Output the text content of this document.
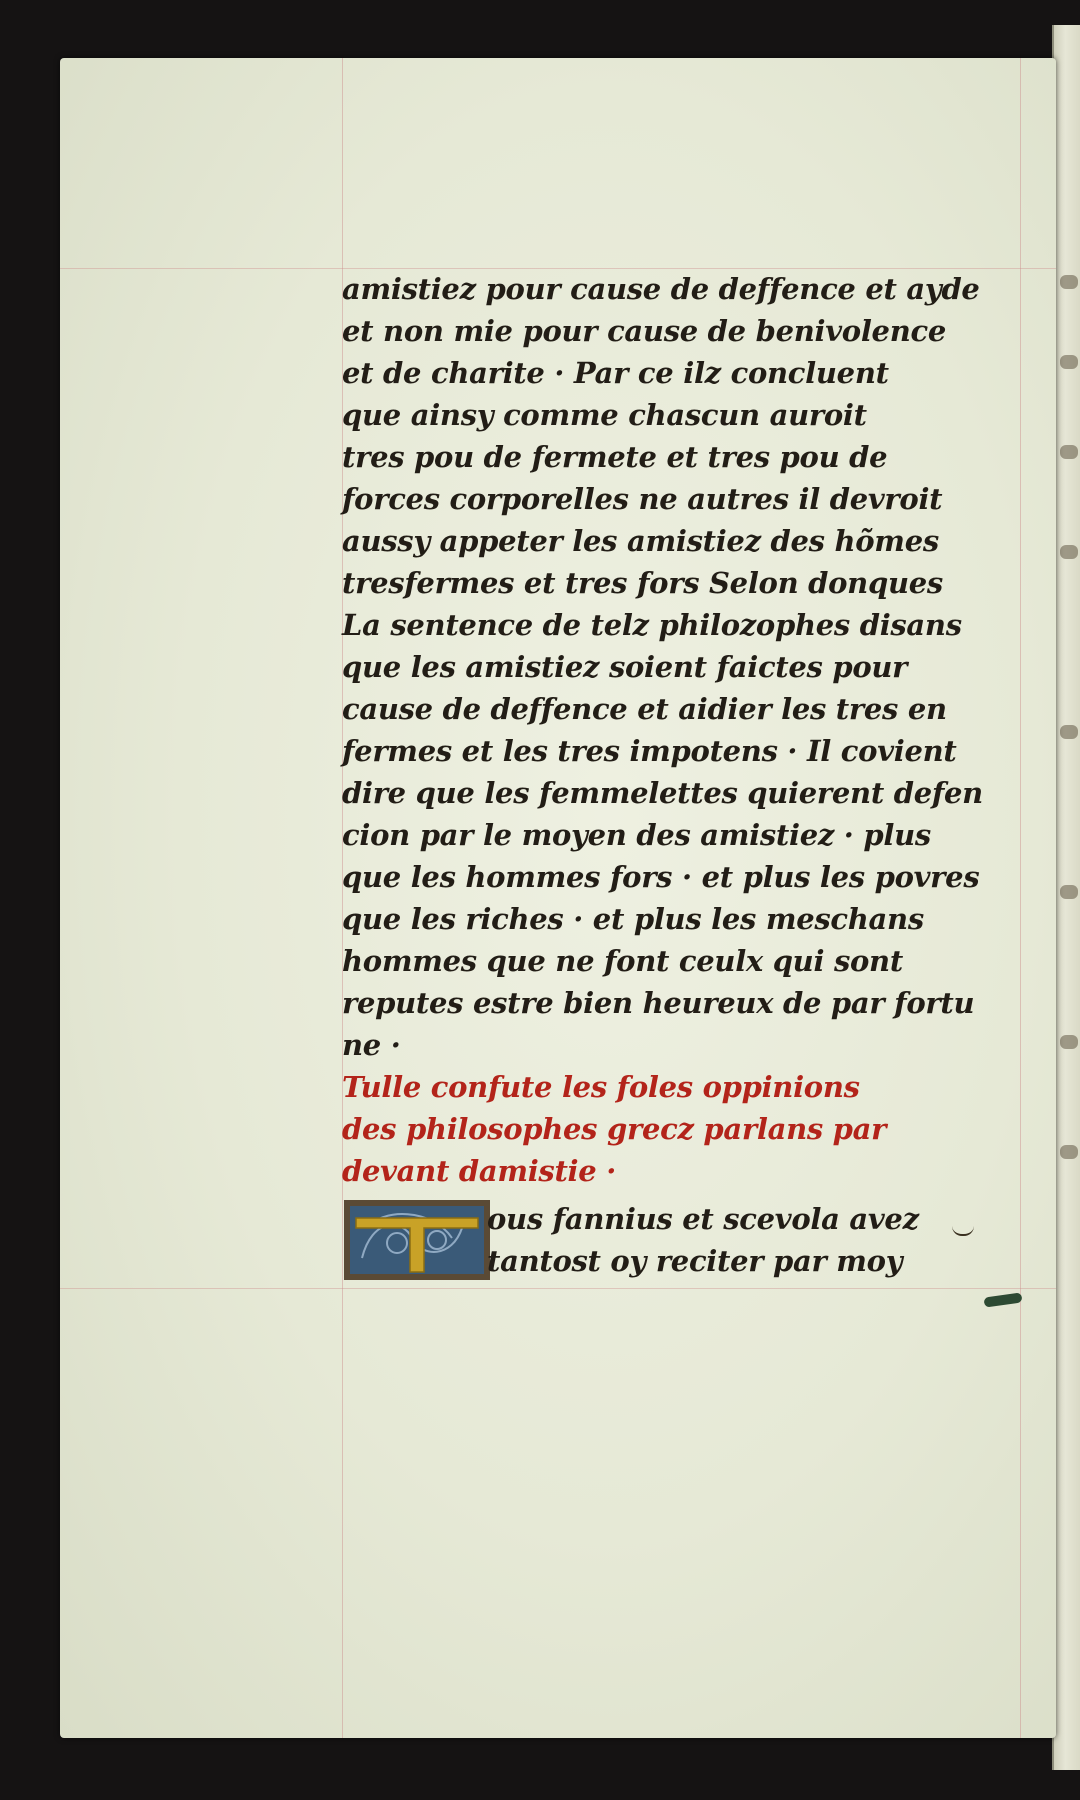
amistiez pour cause de deffence et ayde
et non mie pour cause de benivolence
et de charite · Par ce ilz concluent
que ainsy comme chascun auroit
tres pou de fermete et tres pou de
forces corporelles ne autres il devroit
aussy appeter les amistiez des hõmes
tresfermes et tres fors Selon donques
La sentence de telz philozophes disans
que les amistiez soient faictes pour
cause de deffence et aidier les tres en
fermes et les tres impotens · Il covient
dire que les femmelettes quierent defen
cion par le moyen des amistiez · plus
que les hommes fors · et plus les povres
que les riches · et plus les meschans
hommes que ne font ceulx qui sont
reputes estre bien heureux de par fortu
ne ·
Tulle confute les foles oppinions
des philosophes grecz parlans par
devant damistie ·
ous fannius et scevola avez
tantost oy reciter par moy
